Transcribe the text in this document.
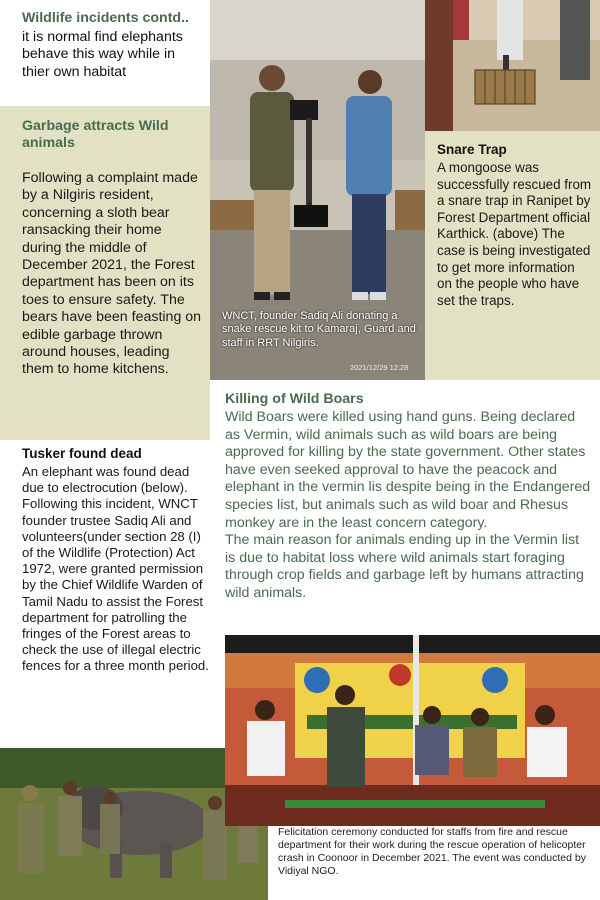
Wildlife incidents contd..
it is normal find elephants behave this way while in thier own habitat
Garbage attracts Wild animals
Following a complaint made by a Nilgiris resident, concerning a sloth bear ransacking their home during the middle of December 2021, the Forest department has been on its toes to ensure safety. The bears have been feasting on edible garbage thrown around houses, leading them to home kitchens.
Tusker found dead
An elephant was found dead due to electrocution (below). Following this incident, WNCT founder trustee Sadiq Ali and volunteers(under section 28 (I) of the Wildlife (Protection) Act 1972, were granted permission by the Chief Wildlife Warden of Tamil Nadu to assist the Forest department for patrolling the fringes of the Forest areas to check the use of illegal electric fences for a three month period.
Snare Trap
A mongoose was successfully rescued from a snare trap in Ranipet by Forest Department official Karthick. (above) The case is being investigated to get more information on the people who have set the traps.
Killing of Wild Boars
Wild Boars were killed using hand guns. Being declared as Vermin, wild animals such as wild boars are being approved for killing by the state government. Other states have even seeked approval to have the peacock and elephant in the vermin lis despite being in the Endangered species list, but animals such as wild boar and Rhesus monkey are in the least concern category.
The main reason for animals ending up in the Vermin list is due to habitat loss where wild animals start foraging through crop fields and garbage left by humans attracting wild animals.
WNCT, founder Sadiq Ali donating a snake rescue kit to Kamaraj, Guard and staff in RRT Nilgiris.
2021/12/29 12:28
Felicitation ceremony conducted for staffs from fire and rescue department for their work during the rescue operation of helicopter crash in Coonoor in December 2021. The event was conducted by Vidiyal NGO.
